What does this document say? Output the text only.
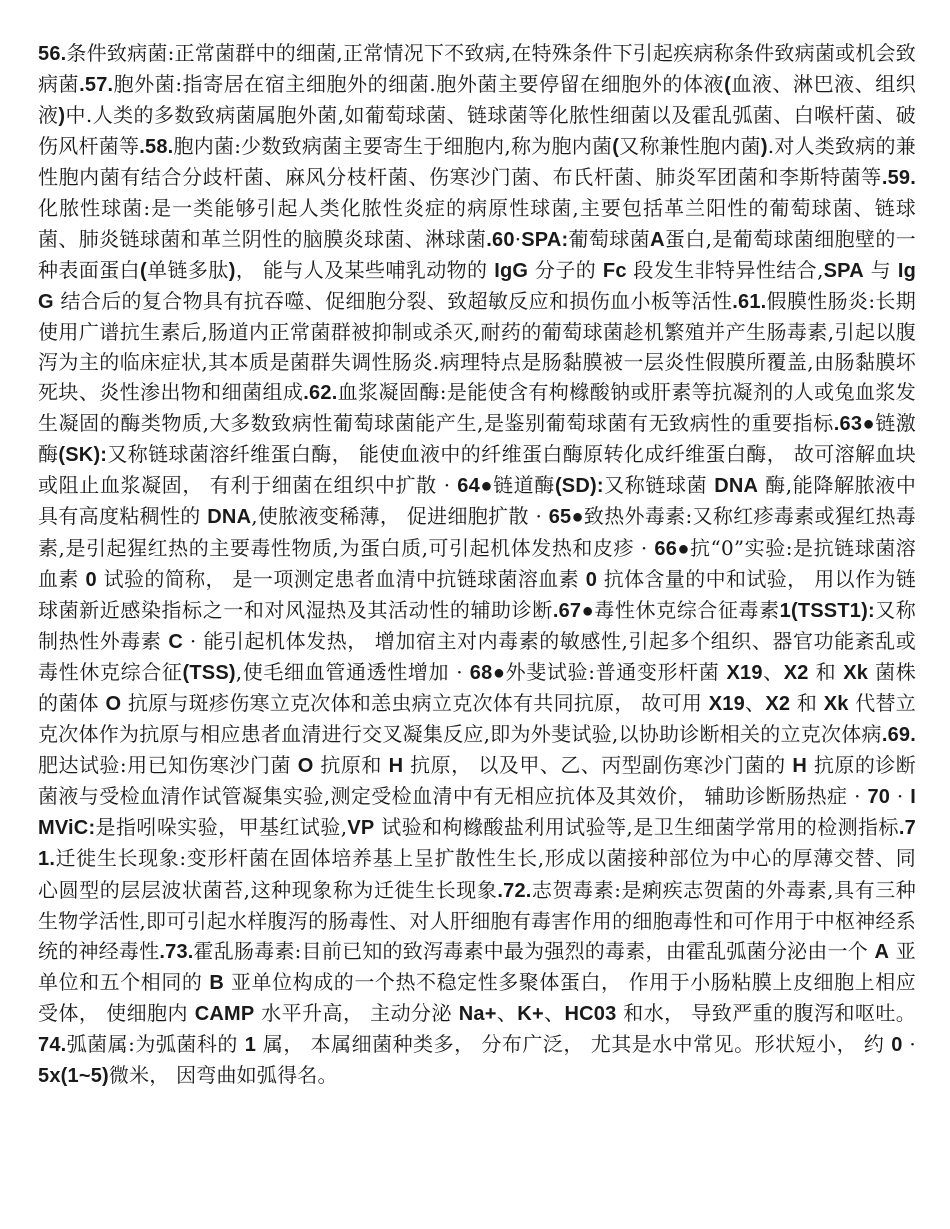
56.条件致病菌:正常菌群中的细菌,正常情况下不致病,在特殊条件下引起疾病称条件致病菌或机会致病菌.57.胞外菌:指寄居在宿主细胞外的细菌.胞外菌主要停留在细胞外的体液(血液、淋巴液、组织液)中.人类的多数致病菌属胞外菌,如葡萄球菌、链球菌等化脓性细菌以及霍乱弧菌、白喉杆菌、破伤风杆菌等.58.胞内菌:少数致病菌主要寄生于细胞内,称为胞内菌(又称兼性胞内菌).对人类致病的兼性胞内菌有结合分歧杆菌、麻风分枝杆菌、伤寒沙门菌、布氏杆菌、肺炎军团菌和李斯特菌等.59.化脓性球菌:是一类能够引起人类化脓性炎症的病原性球菌,主要包括革兰阳性的葡萄球菌、链球菌、肺炎链球菌和革兰阴性的脑膜炎球菌、淋球菌.60·SPA:葡萄球菌A蛋白,是葡萄球菌细胞壁的一种表面蛋白(单链多肽)， 能与人及某些哺乳动物的 IgG 分子的 Fc 段发生非特异性结合,SPA 与 IgG 结合后的复合物具有抗吞噬、促细胞分裂、致超敏反应和损伤血小板等活性.61.假膜性肠炎:长期使用广谱抗生素后,肠道内正常菌群被抑制或杀灭,耐药的葡萄球菌趁机繁殖并产生肠毒素,引起以腹泻为主的临床症状,其本质是菌群失调性肠炎.病理特点是肠黏膜被一层炎性假膜所覆盖,由肠黏膜坏死块、炎性渗出物和细菌组成.62.血浆凝固酶:是能使含有枸橼酸钠或肝素等抗凝剂的人或兔血浆发生凝固的酶类物质,大多数致病性葡萄球菌能产生,是鉴别葡萄球菌有无致病性的重要指标.63●链激酶(SK):又称链球菌溶纤维蛋白酶， 能使血液中的纤维蛋白酶原转化成纤维蛋白酶， 故可溶解血块或阻止血浆凝固， 有利于细菌在组织中扩散 · 64●链道酶(SD):又称链球菌 DNA 酶,能降解脓液中具有高度粘稠性的 DNA,使脓液变稀薄， 促进细胞扩散 · 65●致热外毒素:又称红疹毒素或猩红热毒素,是引起猩红热的主要毒性物质,为蛋白质,可引起机体发热和皮疹 · 66●抗“0”实验:是抗链球菌溶血素 0 试验的简称， 是一项测定患者血清中抗链球菌溶血素 0 抗体含量的中和试验， 用以作为链球菌新近感染指标之一和对风湿热及其活动性的辅助诊断.67●毒性休克综合征毒素1(TSST1):又称制热性外毒素 C · 能引起机体发热， 增加宿主对内毒素的敏感性,引起多个组织、器官功能紊乱或毒性休克综合征(TSS),使毛细血管通透性增加 · 68●外斐试验:普通变形杆菌 X19、X2 和 Xk 菌株的菌体 O 抗原与斑疹伤寒立克次体和恙虫病立克次体有共同抗原， 故可用 X19、X2 和 Xk 代替立克次体作为抗原与相应患者血清进行交叉凝集反应,即为外斐试验,以协助诊断相关的立克次体病.69.肥达试验:用已知伤寒沙门菌 O 抗原和 H 抗原， 以及甲、乙、丙型副伤寒沙门菌的 H 抗原的诊断菌液与受检血清作试管凝集实验,测定受检血清中有无相应抗体及其效价， 辅助诊断肠热症 · 70 · IMViC:是指吲哚实验，甲基红试验,VP 试验和枸橼酸盐利用试验等,是卫生细菌学常用的检测指标.71.迁徙生长现象:变形杆菌在固体培养基上呈扩散性生长,形成以菌接种部位为中心的厚薄交替、同心圆型的层层波状菌苔,这种现象称为迁徙生长现象.72.志贺毒素:是痢疾志贺菌的外毒素,具有三种生物学活性,即可引起水样腹泻的肠毒性、对人肝细胞有毒害作用的细胞毒性和可作用于中枢神经系统的神经毒性.73.霍乱肠毒素:目前已知的致泻毒素中最为强烈的毒素，由霍乱弧菌分泌由一个 A 亚单位和五个相同的 B 亚单位构成的一个热不稳定性多聚体蛋白， 作用于小肠粘膜上皮细胞上相应受体， 使细胞内 CAMP 水平升高， 主动分泌 Na+、K+、HC03 和水， 导致严重的腹泻和呕吐。74.弧菌属:为弧菌科的 1 属， 本属细菌种类多， 分布广泛， 尤其是水中常见。形状短小， 约 0 · 5x(1~5)微米， 因弯曲如弧得名。
